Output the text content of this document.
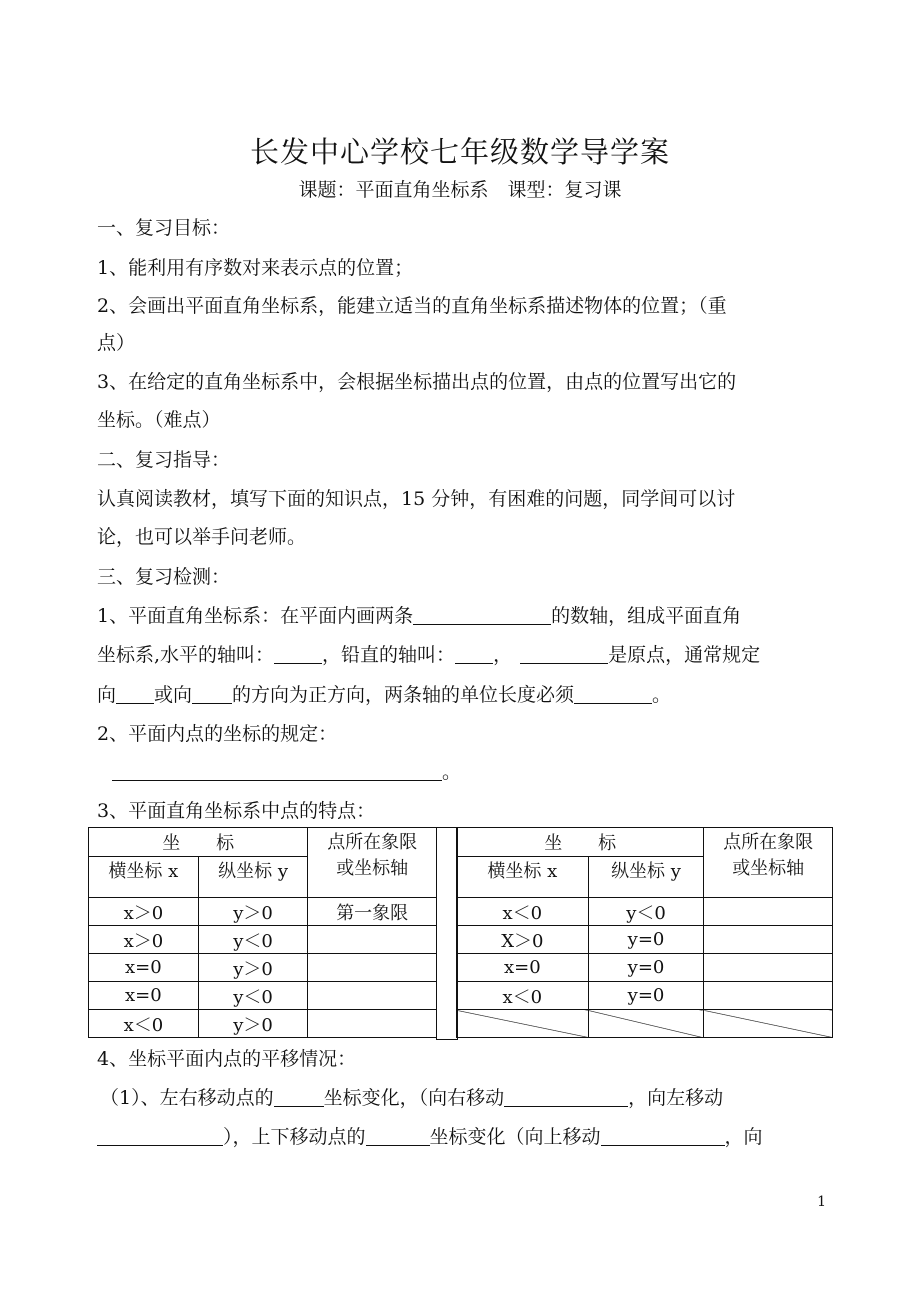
长发中心学校七年级数学导学案
课题：平面直角坐标系　课型：复习课
一、复习目标：
1、能利用有序数对来表示点的位置；
2、会画出平面直角坐标系，能建立适当的直角坐标系描述物体的位置；（重
点）
3、在给定的直角坐标系中，会根据坐标描出点的位置，由点的位置写出它的
坐标。（难点）
二、复习指导：
认真阅读教材，填写下面的知识点，15 分钟，有困难的问题，同学间可以讨
论，也可以举手问老师。
三、复习检测：
1、平面直角坐标系：在平面内画两条	的数轴，组成平面直角
坐标系,水平的轴叫：	，铅直的轴叫： ，	是原点，通常规定
向 或向 的方向为正方向，两条轴的单位长度必须	。
2、平面内点的坐标的规定：
。
3、平面直角坐标系中点的特点：
坐　　标		点所在象限
或坐标轴

横坐标 x	纵坐标 y	
x＞0	y＞0	第一象限
x＞0	y＜0	
x=0	y＞0	
x=0	y＜0	
x＜0	y＞0	
坐　　标		点所在象限
或坐标轴

横坐标 x	纵坐标 y	
x＜0	y＜0	
X＞0	y=0	
x=0	y=0	
x＜0	y=0	

4、坐标平面内点的平移情况：
（1）、左右移动点的	坐标变化，（向右移动	，向左移动
），上下移动点的	坐标变化（向上移动	，向
1
